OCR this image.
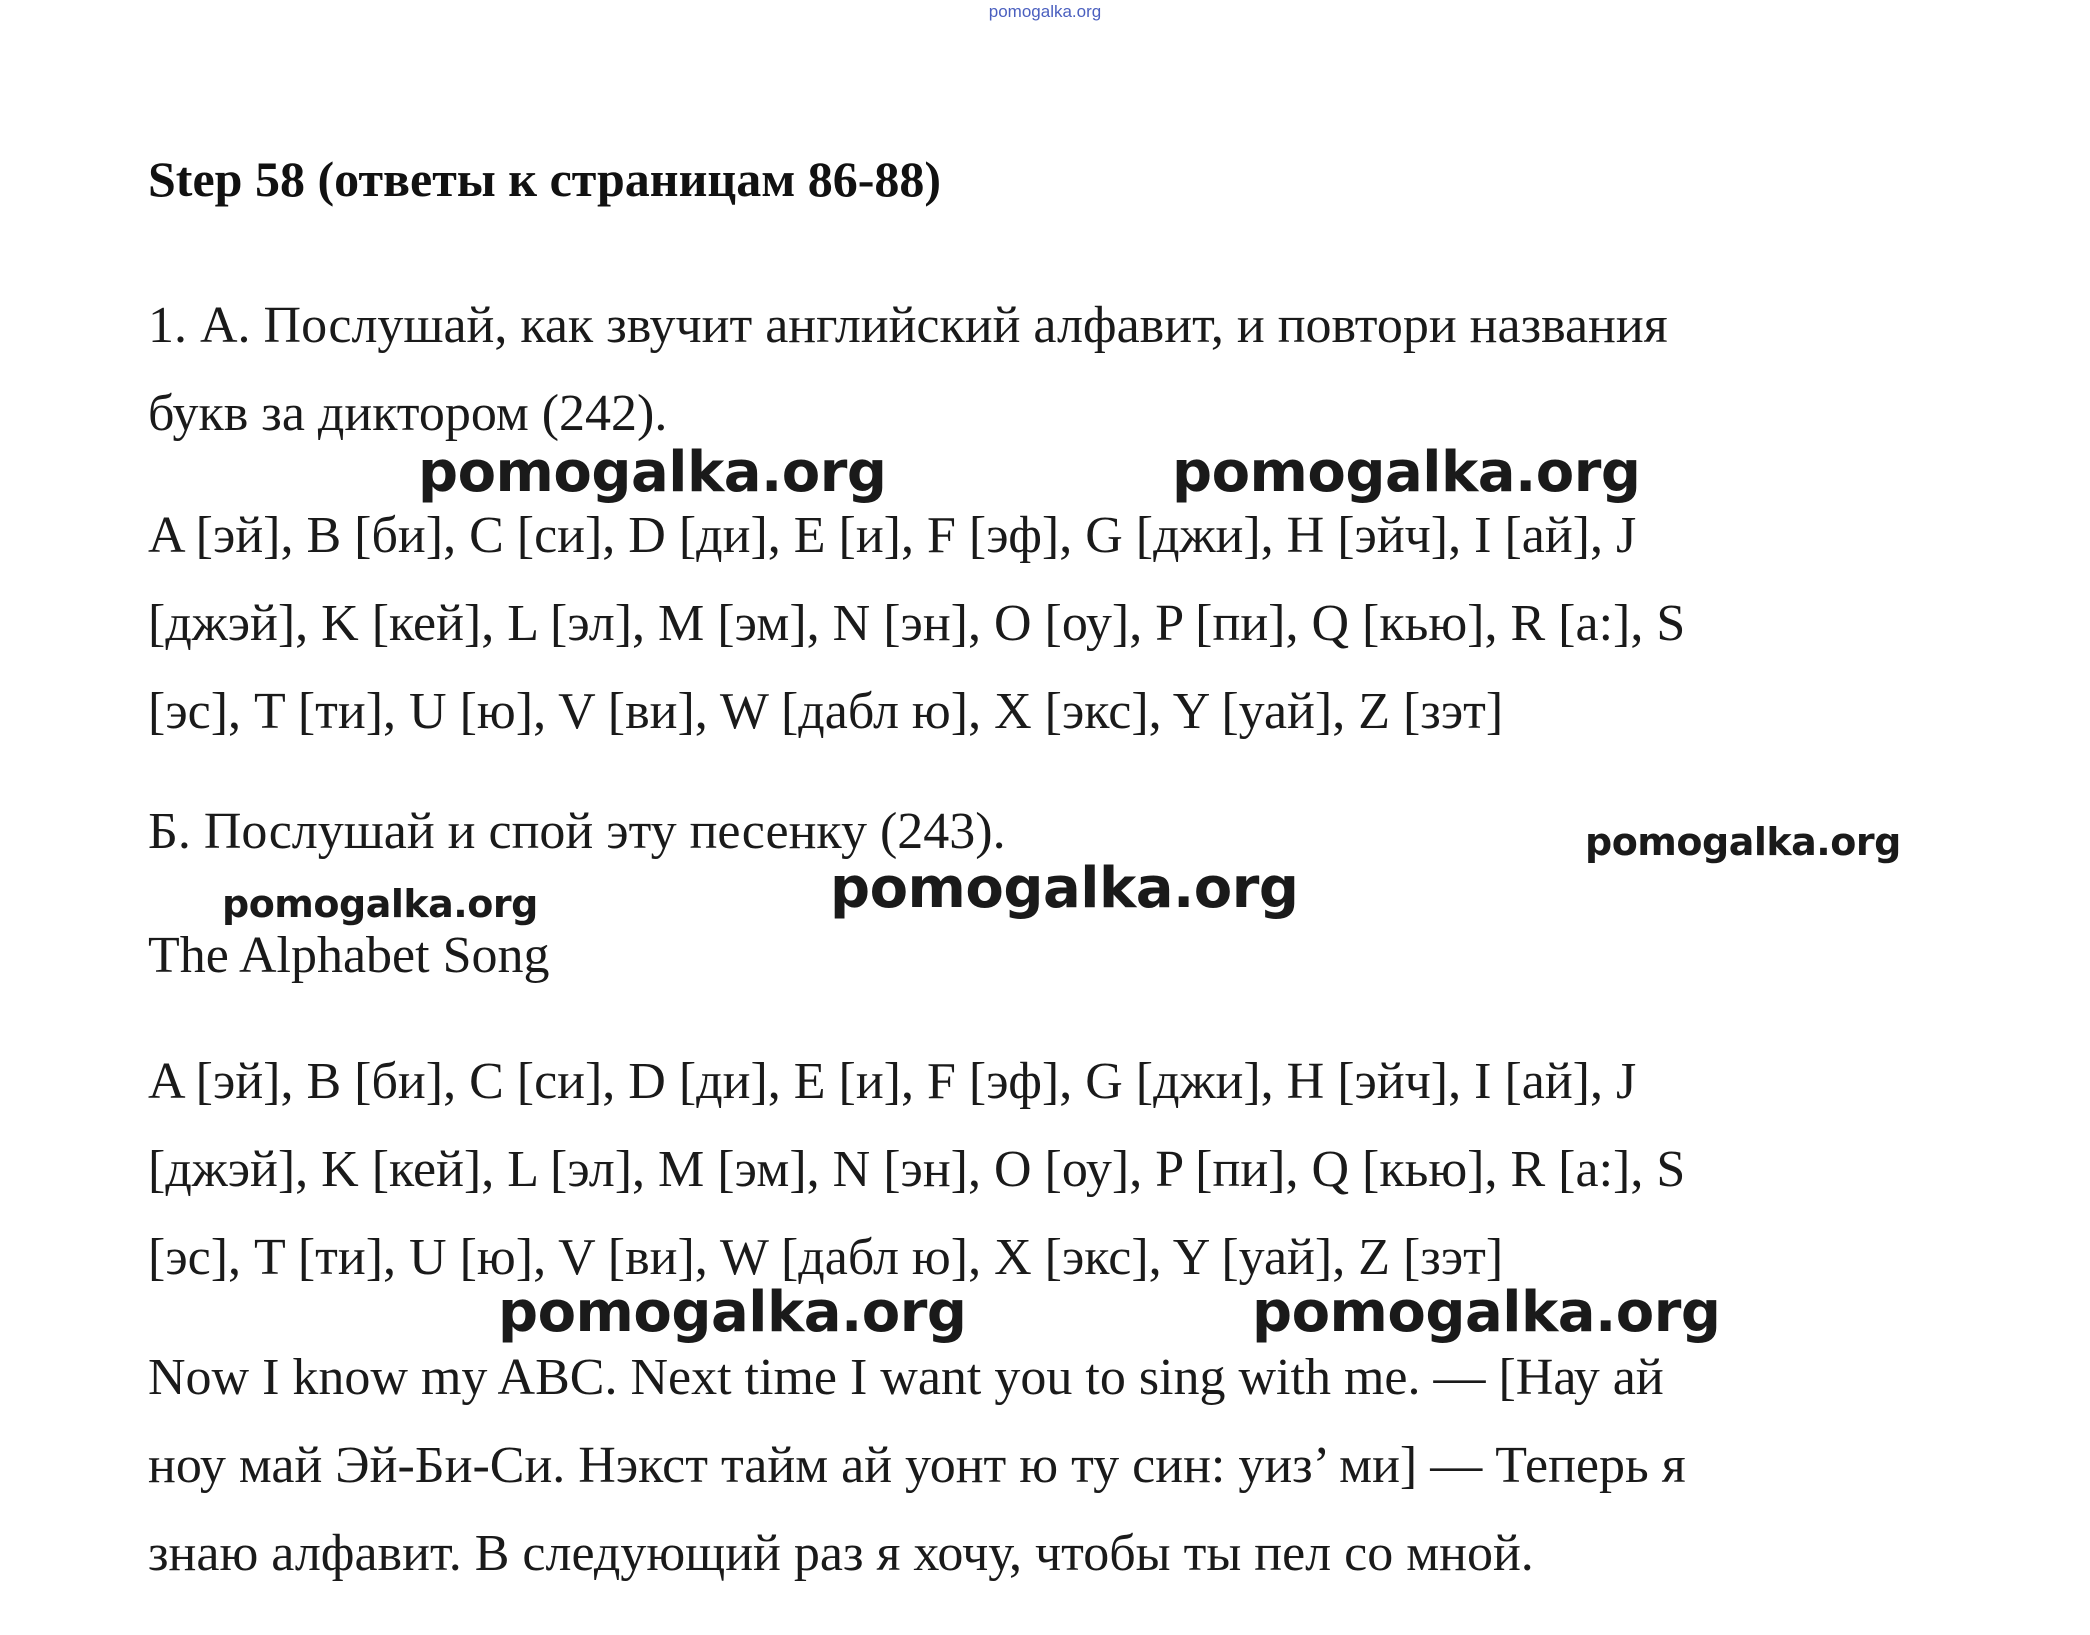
pomogalka.org
Step 58 (ответы к страницам 86-88)
1. А. Послушай, как звучит английский алфавит, и повтори названия
букв за диктором (242).
A [эй], B [би], C [си], D [ди], E [и], F [эф], G [джи], H [эйч], I [ай], J
[джэй], K [кей], L [эл], M [эм], N [эн], O [оу], P [пи], Q [кью], R [а:], S
[эс], T [ти], U [ю], V [ви], W [дабл ю], X [экс], Y [уай], Z [зэт]
Б. Послушай и спой эту песенку (243).
The Alphabet Song
A [эй], B [би], C [си], D [ди], E [и], F [эф], G [джи], H [эйч], I [ай], J
[джэй], K [кей], L [эл], M [эм], N [эн], O [оу], P [пи], Q [кью], R [а:], S
[эс], T [ти], U [ю], V [ви], W [дабл ю], X [экс], Y [уай], Z [зэт]
Now I know my ABC. Next time I want you to sing with me. — [Нау ай
ноу май Эй-Би-Си. Нэкст тайм ай уонт ю ту син: уиз’ ми] — Теперь я
знаю алфавит. В следующий раз я хочу, чтобы ты пел со мной.
pomogalka.org	pomogalka.org
pomogalka.org
pomogalka.org
pomogalka.org
pomogalka.org	pomogalka.org
